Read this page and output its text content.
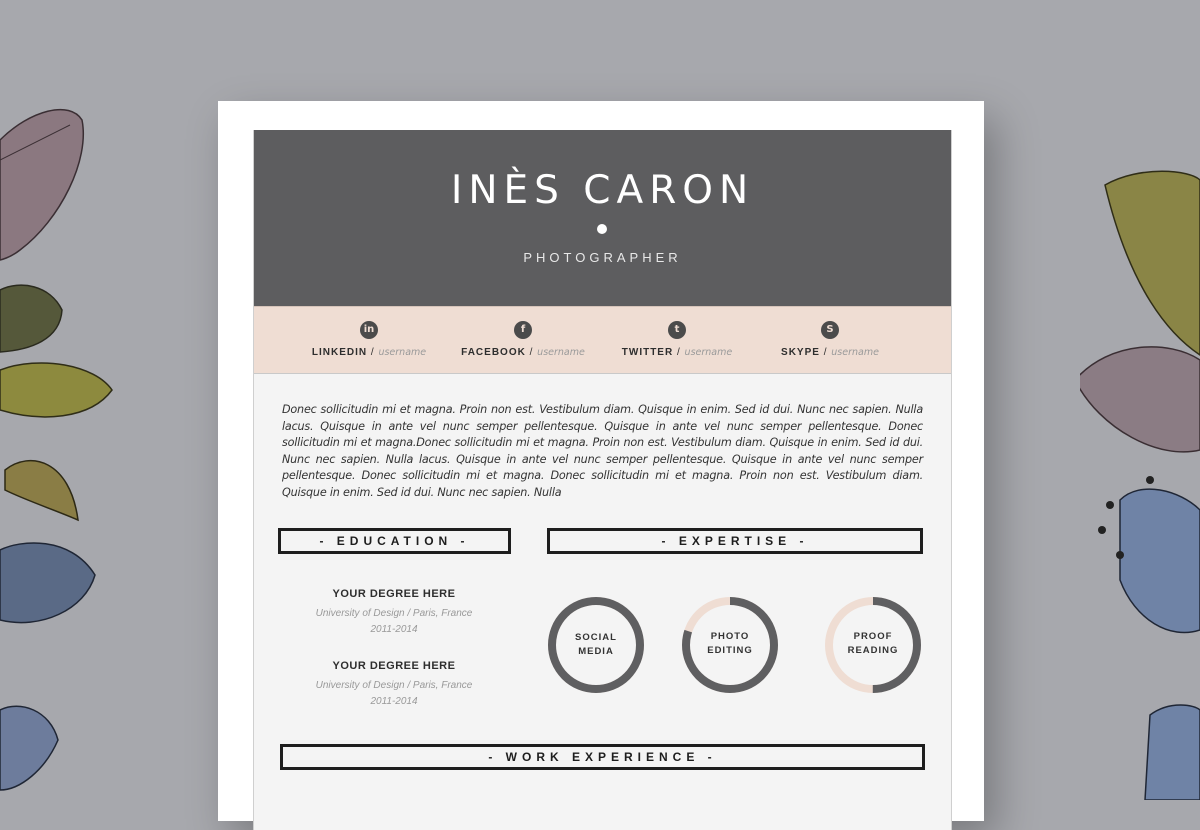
INÈS CARON
PHOTOGRAPHER
in
LINKEDIN / username
f
FACEBOOK / username
t
TWITTER / username
S
SKYPE / username
Donec sollicitudin mi et magna. Proin non est. Vestibulum diam. Quisque in enim. Sed id dui. Nunc nec sapien. Nulla lacus. Quisque in ante vel nunc semper pellentesque. Quisque in ante vel nunc semper pellentesque. Donec sollicitudin mi et magna.Donec sollicitudin mi et magna. Proin non est. Vestibulum diam. Quisque in enim. Sed id dui. Nunc nec sapien. Nulla lacus. Quisque in ante vel nunc semper pellentesque. Quisque in ante vel nunc semper pellentesque. Donec sollicitudin mi et magna. Donec sollicitudin mi et magna. Proin non est. Vestibulum diam. Quisque in enim. Sed id dui. Nunc nec sapien. Nulla
- EDUCATION -	- EXPERTISE -
YOUR DEGREE HERE
University of Design / Paris, France
2011-2014
YOUR DEGREE HERE
University of Design / Paris, France
2011-2014
SOCIAL
MEDIA
PHOTO
EDITING
PROOF
READING
- WORK EXPERIENCE -
